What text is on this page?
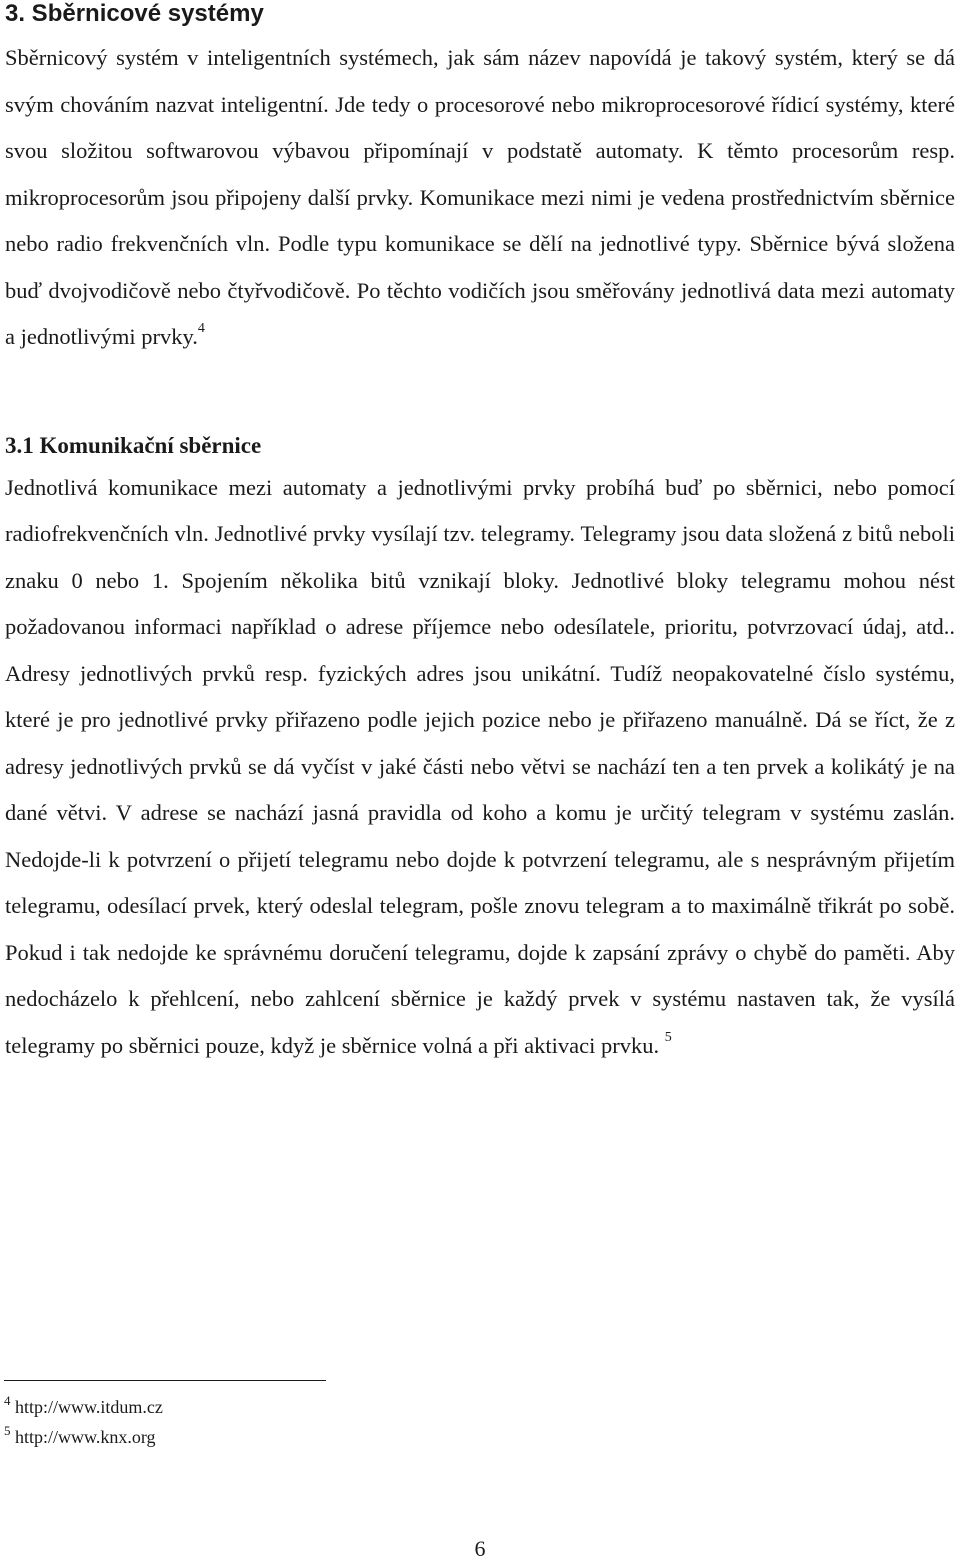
3. Sběrnicové systémy

Sběrnicový systém v inteligentních systémech, jak sám název napovídá je takový systém, který se dá svým chováním nazvat inteligentní. Jde tedy o procesorové nebo mikroprocesorové řídicí systémy, které svou složitou softwarovou výbavou připomínají v podstatě automaty. K těmto procesorům resp. mikroprocesorům jsou připojeny další prvky. Komunikace mezi nimi je vedena prostřednictvím sběrnice nebo radio frekvenčních vln. Podle typu komunikace se dělí na jednotlivé typy. Sběrnice bývá složena buď dvojvodičově nebo čtyřvodičově. Po těchto vodičích jsou směřovány jednotlivá data mezi automaty a jednotlivými prvky.$^4$

3.1 Komunikační sběrnice

Jednotlivá komunikace mezi automaty a jednotlivými prvky probíhá buď po sběrnici, nebo pomocí radiofrekvenčních vln. Jednotlivé prvky vysílají tzv. telegramy. Telegramy jsou data složená z bitů neboli znaku 0 nebo 1. Spojením několika bitů vznikají bloky. Jednotlivé bloky telegramu mohou nést požadovanou informaci například o adrese příjemce nebo odesílatele, prioritu, potvrzovací údaj, atd.. Adresy jednotlivých prvků resp. fyzických adres jsou unikátní. Tudíž neopakovatelné číslo systému, které je pro jednotlivé prvky přiřazeno podle jejich pozice nebo je přiřazeno manuálně. Dá se říct, že z adresy jednotlivých prvků se dá vyčíst v jaké části nebo větvi se nachází ten a ten prvek a kolikátý je na dané větvi. V adrese se nachází jasná pravidla od koho a komu je určitý telegram v systému zaslán. Nedojde-li k potvrzení o přijetí telegramu nebo dojde k potvrzení telegramu, ale s nesprávným přijetím telegramu, odesílací prvek, který odeslal telegram, pošle znovu telegram a to maximálně třikrát po sobě. Pokud i tak nedojde ke správnému doručení telegramu, dojde k zapsání zprávy o chybě do paměti. Aby nedocházelo k přehlcení, nebo zahlcení sběrnice je každý prvek v systému nastaven tak, že vysílá telegramy po sběrnici pouze, když je sběrnice volná a při aktivaci prvku. $^5$

$^4$ http://www.itdum.cz
$^5$ http://www.knx.org
6
